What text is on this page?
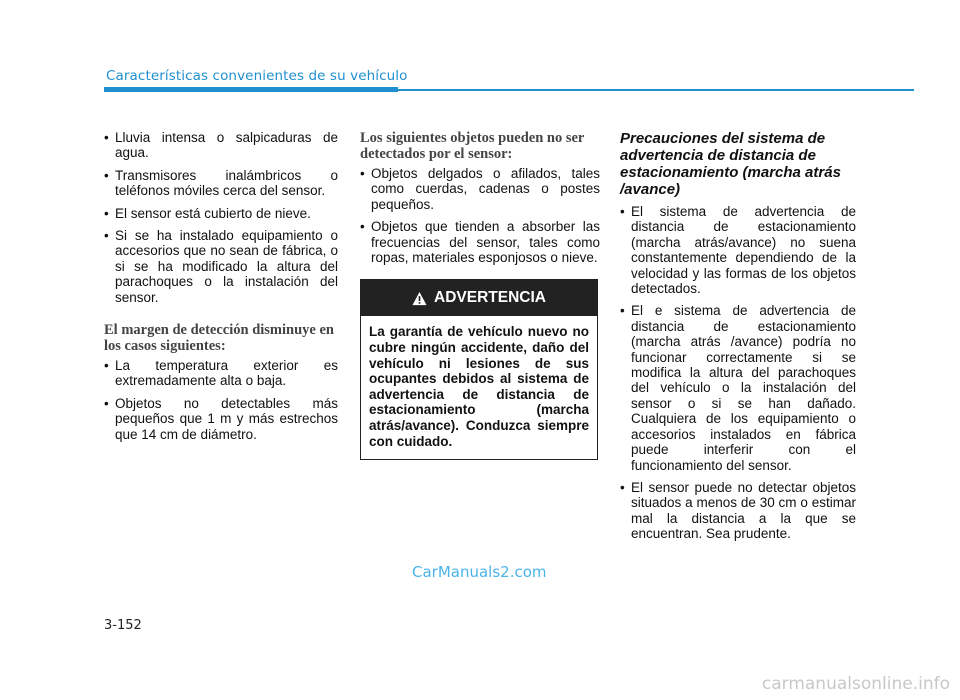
Características convenientes de su vehículo
• Lluvia intensa o salpicaduras de agua.
• Transmisores inalámbricos o teléfonos móviles cerca del sensor.
• El sensor está cubierto de nieve.
• Si se ha instalado equipamiento o accesorios que no sean de fábrica, o si se ha modificado la altura del parachoques o la instalación del sensor.
El margen de detección disminuye en los casos siguientes:
• La temperatura exterior es extremadamente alta o baja.
• Objetos no detectables más pequeños que 1 m y más estrechos que 14 cm de diámetro.
Los siguientes objetos pueden no ser detectados por el sensor:
• Objetos delgados o afilados, tales como cuerdas, cadenas o postes pequeños.
• Objetos que tienden a absorber las frecuencias del sensor, tales como ropas, materiales esponjosos o nieve.
ADVERTENCIA
La garantía de vehículo nuevo no cubre ningún accidente, daño del vehículo ni lesiones de sus ocupantes debidos al sistema de advertencia de distancia de estacionamiento (marcha atrás/avance). Conduzca siempre con cuidado.
Precauciones del sistema de advertencia de distancia de estacionamiento (marcha atrás /avance)
• El sistema de advertencia de distancia de estacionamiento (marcha atrás/avance) no suena constantemente dependiendo de la velocidad y las formas de los objetos detectados.
• El e sistema de advertencia de distancia de estacionamiento (marcha atrás /avance) podría no funcionar correctamente si se modifica la altura del parachoques del vehículo o la instalación del sensor o si se han dañado. Cualquiera de los equipamiento o accesorios instalados en fábrica puede interferir con el funcionamiento del sensor.
• El sensor puede no detectar objetos situados a menos de 30 cm o estimar mal la distancia a la que se encuentran. Sea prudente.
CarManuals2.com
3-152
carmanualsonline.info
